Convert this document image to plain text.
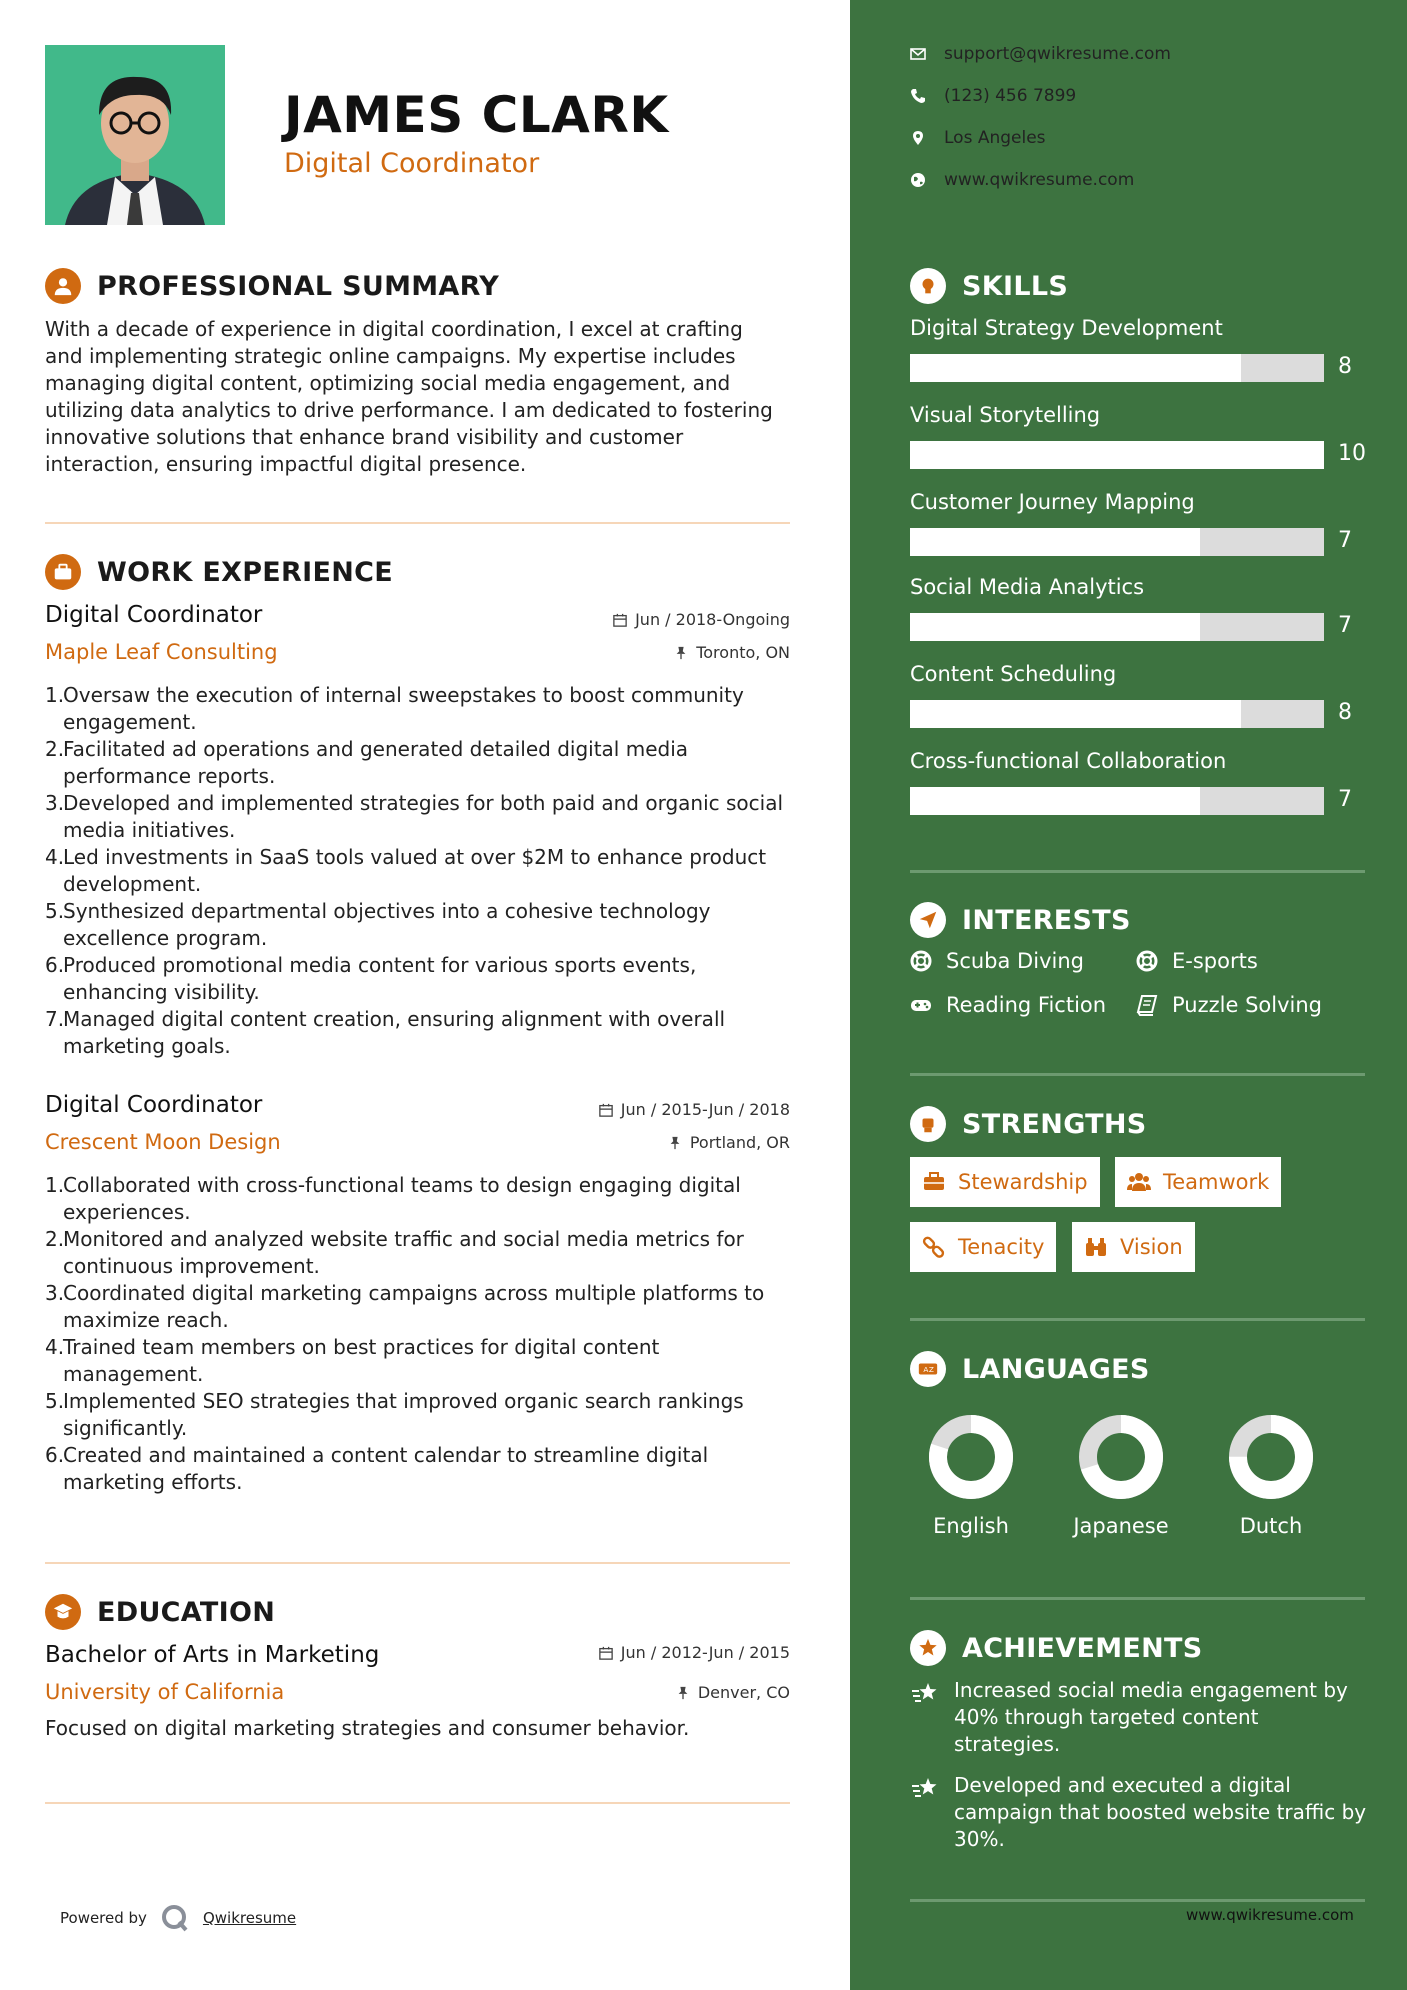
JAMES CLARK
Digital Coordinator
PROFESSIONAL SUMMARY
With a decade of experience in digital coordination, I excel at crafting and implementing strategic online campaigns. My expertise includes managing digital content, optimizing social media engagement, and utilizing data analytics to drive performance. I am dedicated to fostering innovative solutions that enhance brand visibility and customer interaction, ensuring impactful digital presence.
WORK EXPERIENCE
Digital Coordinator	Jun / 2018-Ongoing
Maple Leaf Consulting	Toronto, ON
1.
Oversaw the execution of internal sweepstakes to boost community engagement.
2.
Facilitated ad operations and generated detailed digital media performance reports.
3.
Developed and implemented strategies for both paid and organic social media initiatives.
4.
Led investments in SaaS tools valued at over $2M to enhance product development.
5.
Synthesized departmental objectives into a cohesive technology excellence program.
6.
Produced promotional media content for various sports events, enhancing visibility.
7.
Managed digital content creation, ensuring alignment with overall marketing goals.
Digital Coordinator	Jun / 2015-Jun / 2018
Crescent Moon Design	Portland, OR
1.
Collaborated with cross-functional teams to design engaging digital experiences.
2.
Monitored and analyzed website traffic and social media metrics for continuous improvement.
3.
Coordinated digital marketing campaigns across multiple platforms to maximize reach.
4.
Trained team members on best practices for digital content management.
5.
Implemented SEO strategies that improved organic search rankings significantly.
6.
Created and maintained a content calendar to streamline digital marketing efforts.
EDUCATION
Bachelor of Arts in Marketing	Jun / 2012-Jun / 2015
University of California	Denver, CO
Focused on digital marketing strategies and consumer behavior.
Powered by	Qwikresume
support@qwikresume.com
(123) 456 7899
Los Angeles
www.qwikresume.com
SKILLS
Digital Strategy Development
8
Visual Storytelling
10
Customer Journey Mapping
7
Social Media Analytics
7
Content Scheduling
8
Cross-functional Collaboration
7
INTERESTS
Scuba Diving	E-sports
Reading Fiction	Puzzle Solving
STRENGTHS
Stewardship	Teamwork
Tenacity	Vision
A Z LANGUAGES
English	Japanese	Dutch
ACHIEVEMENTS
Increased social media engagement by 40% through targeted content strategies.
Developed and executed a digital campaign that boosted website traffic by 30%.
www.qwikresume.com
